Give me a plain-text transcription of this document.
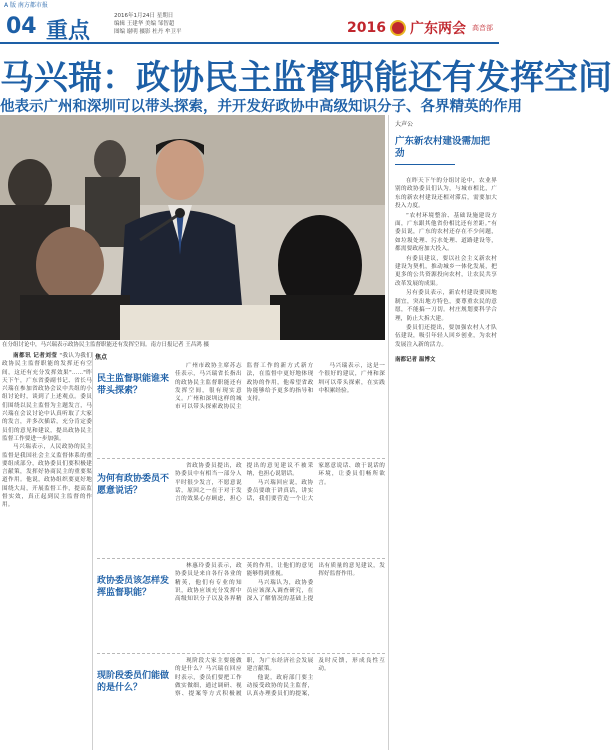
A 版 南方都市报
04 重点
2016年1月24日 星期日
编辑 王建华 美编 邹智超
图编 谢明 摄影 杜丹 牟卫平	2016 广东两会 高音部
马兴瑞：政协民主监督职能还有发挥空间
他表示广州和深圳可以带头探索，并开发好政协中高级知识分子、各界精英的作用
在分组讨论中，马兴瑞表示政协民主监督职能还有发挥空间。南方日报记者 王昌鸿 摄

南都讯 记者刘莹 "我认为我们政协民主监督职能的发挥还有空间，这还有充分发挥效果"……"昨天下午，广东省委副书记、省长马兴瑞在参加省政协会议中共组的小组讨论时，谈到了上述观点。委员们围绕以民主监督为主题发言，马兴瑞在会议讨论中认真听取了大家的发言，并多次插话，充分肯定委员们的意见和建议，提出政协民主监督工作要进一步加强。

马兴瑞表示，人民政协的民主监督是我国社会主义监督体系的重要组成部分，政协委员们要积极建言献策，发挥好协商民主的重要渠道作用。他说，政协组织要更好地围绕大局，开展监督工作，提高监督实效，真正起到民主监督的作用。

焦点
民主监督职能谁来带头探索？

广州市政协主席苏志佳表示，马兴瑞省长指出的政协民主监督职能还有发挥空间，很有现实意义。广州和深圳这样的城市可以带头探索政协民主监督工作的新方式新方法，在监督中更好地体现政协的作用，他希望省政协能够给予更多的指导和支持。

马兴瑞表示，这是一个很好的建议，广州和深圳可以带头探索，在实践中积累经验。

为何有政协委员不愿意说话？

省政协委员提出，政协委员中有相当一部分人平时很少发言，不愿意说话，原因之一在于对于发言的效果心存顾虑，担心提出的意见建议不被采纳，也担心说错话。

马兴瑞回应说，政协委员要敢于讲真话，讲实话，我们要营造一个让大家愿意说话、敢于说话的环境，让委员们畅所欲言。

政协委员该怎样发挥监督职能？

林惠玲委员表示，政协委员是来自各行各业的精英，他们有专业的知识，政协应该充分发挥中高级知识分子以及各界精英的作用，让他们的意见能够得到重视。

马兴瑞认为，政协委员应该深入调查研究，在深入了解情况的基础上提出有质量的意见建议，发挥好监督作用。

现阶段委员们能做的是什么？

现阶段大家主要能做的是什么？马兴瑞在回应时表示，委员们要把工作做实做细，通过调研、视察、提案等方式积极履职，为广东经济社会发展建言献策。

他说，政府部门要主动接受政协的民主监督，认真办理委员们的提案，及时反馈，形成良性互动。

大声公
广东新农村建设需加把劲

在昨天下午的分组讨论中，农业界别的政协委员们认为，与城市相比，广东的新农村建设还相对滞后，需要加大投入力度。

“农村环境整治、基础设施建设方面，广东跟其他省份相比还有差距。”有委员说，广东的农村还存在不少问题，如垃圾处理、污水处理、道路建设等，都需要政府加大投入。

有委员建议，要以社会主义新农村建设为契机，推动城乡一体化发展，把更多的公共资源投向农村，让农民共享改革发展的成果。

另有委员表示，新农村建设要因地制宜，突出地方特色，要尊重农民的意愿，不能搞一刀切。村庄规划要科学合理，防止大拆大建。

委员们还提出，要加强农村人才队伍建设，吸引年轻人回乡创业，为农村发展注入新的活力。

南都记者 温博文
